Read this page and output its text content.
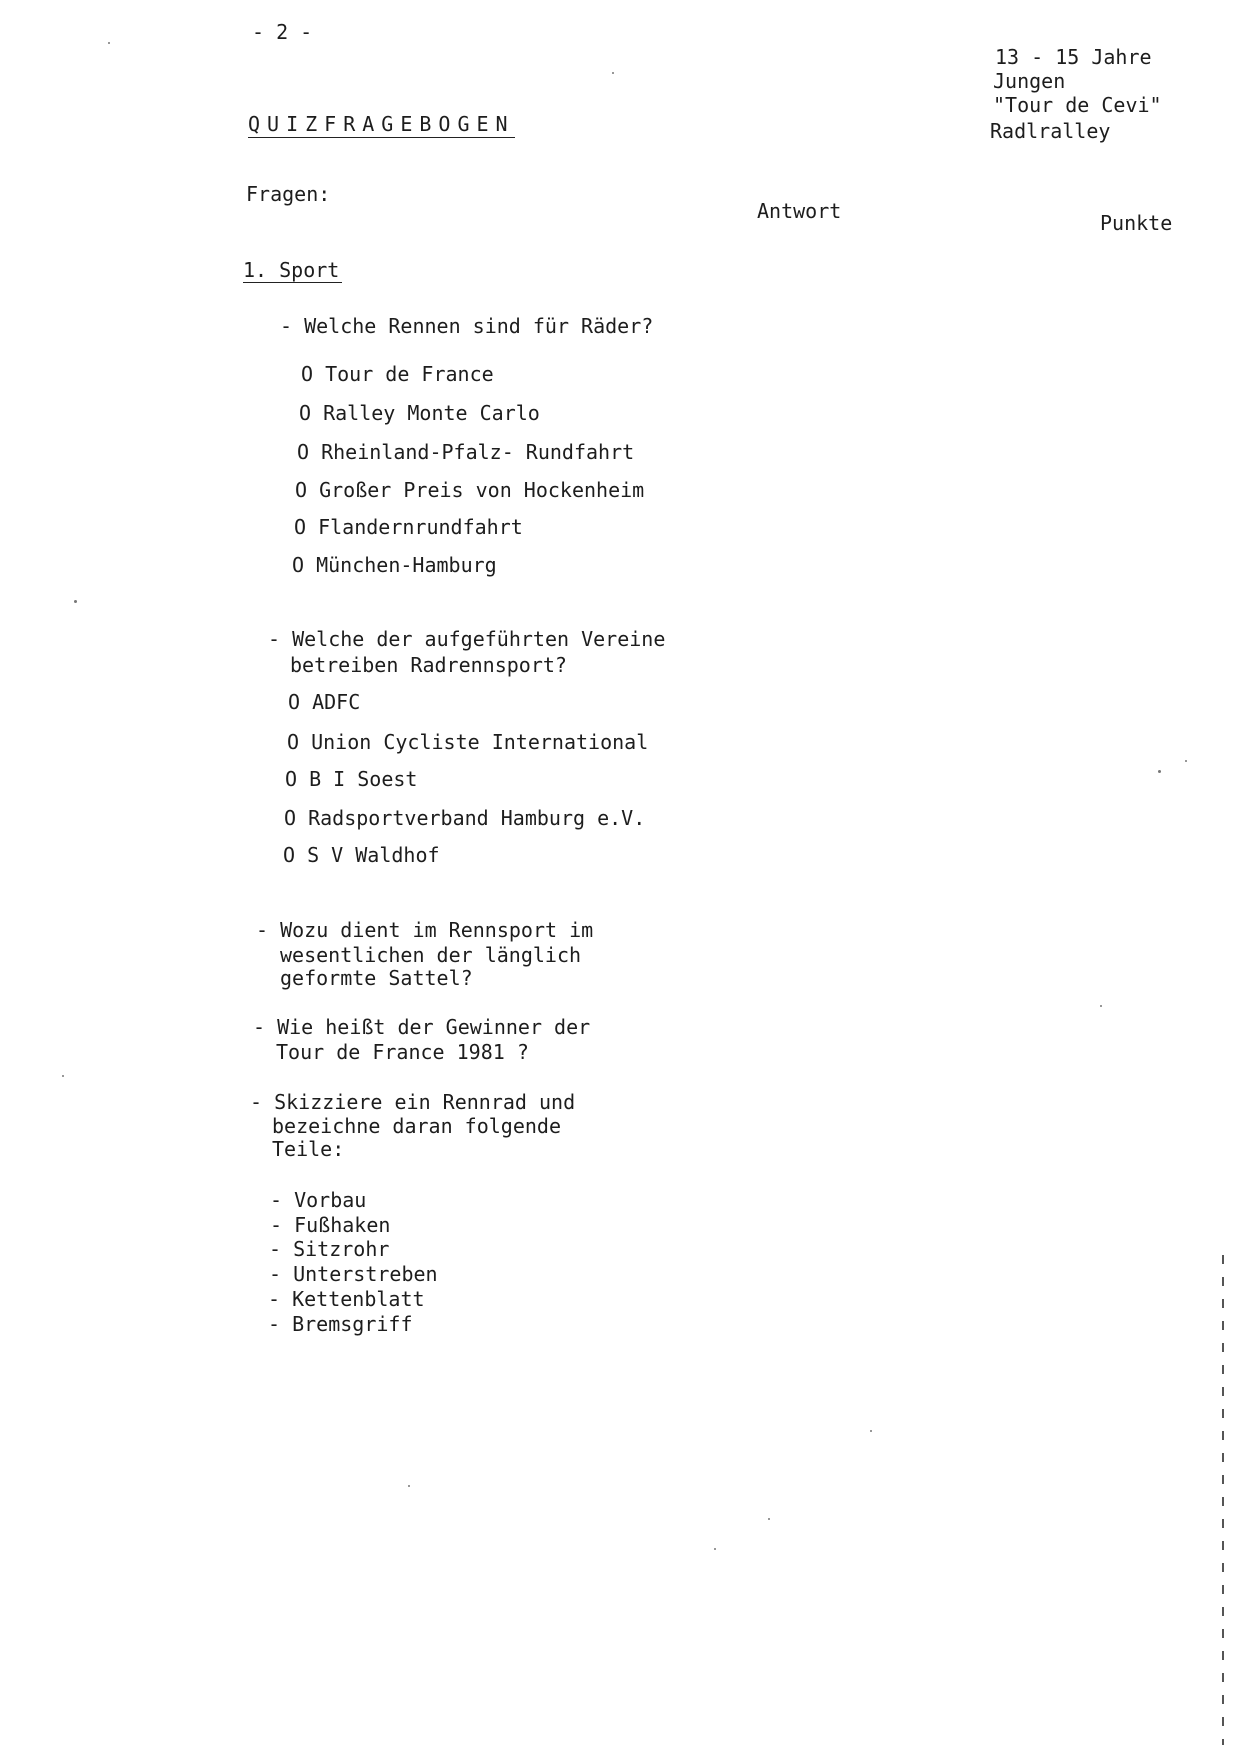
- 2 -
13 - 15 Jahre
Jungen
"Tour de Cevi"
Radlralley
QUIZFRAGEBOGEN
Fragen:
Antwort	Punkte
1. Sport
- Welche Rennen sind für Räder?
O Tour de France
O Ralley Monte Carlo
O Rheinland-Pfalz- Rundfahrt
O Großer Preis von Hockenheim
O Flandernrundfahrt
O München-Hamburg
- Welche der aufgeführten Vereine
betreiben Radrennsport?
O ADFC
O Union Cycliste International
O B I Soest
O Radsportverband Hamburg e.V.
O S V Waldhof
- Wozu dient im Rennsport im
wesentlichen der länglich
geformte Sattel?
- Wie heißt der Gewinner der
Tour de France 1981 ?
- Skizziere ein Rennrad und
bezeichne daran folgende
Teile:
- Vorbau
- Fußhaken
- Sitzrohr
- Unterstreben
- Kettenblatt
- Bremsgriff
